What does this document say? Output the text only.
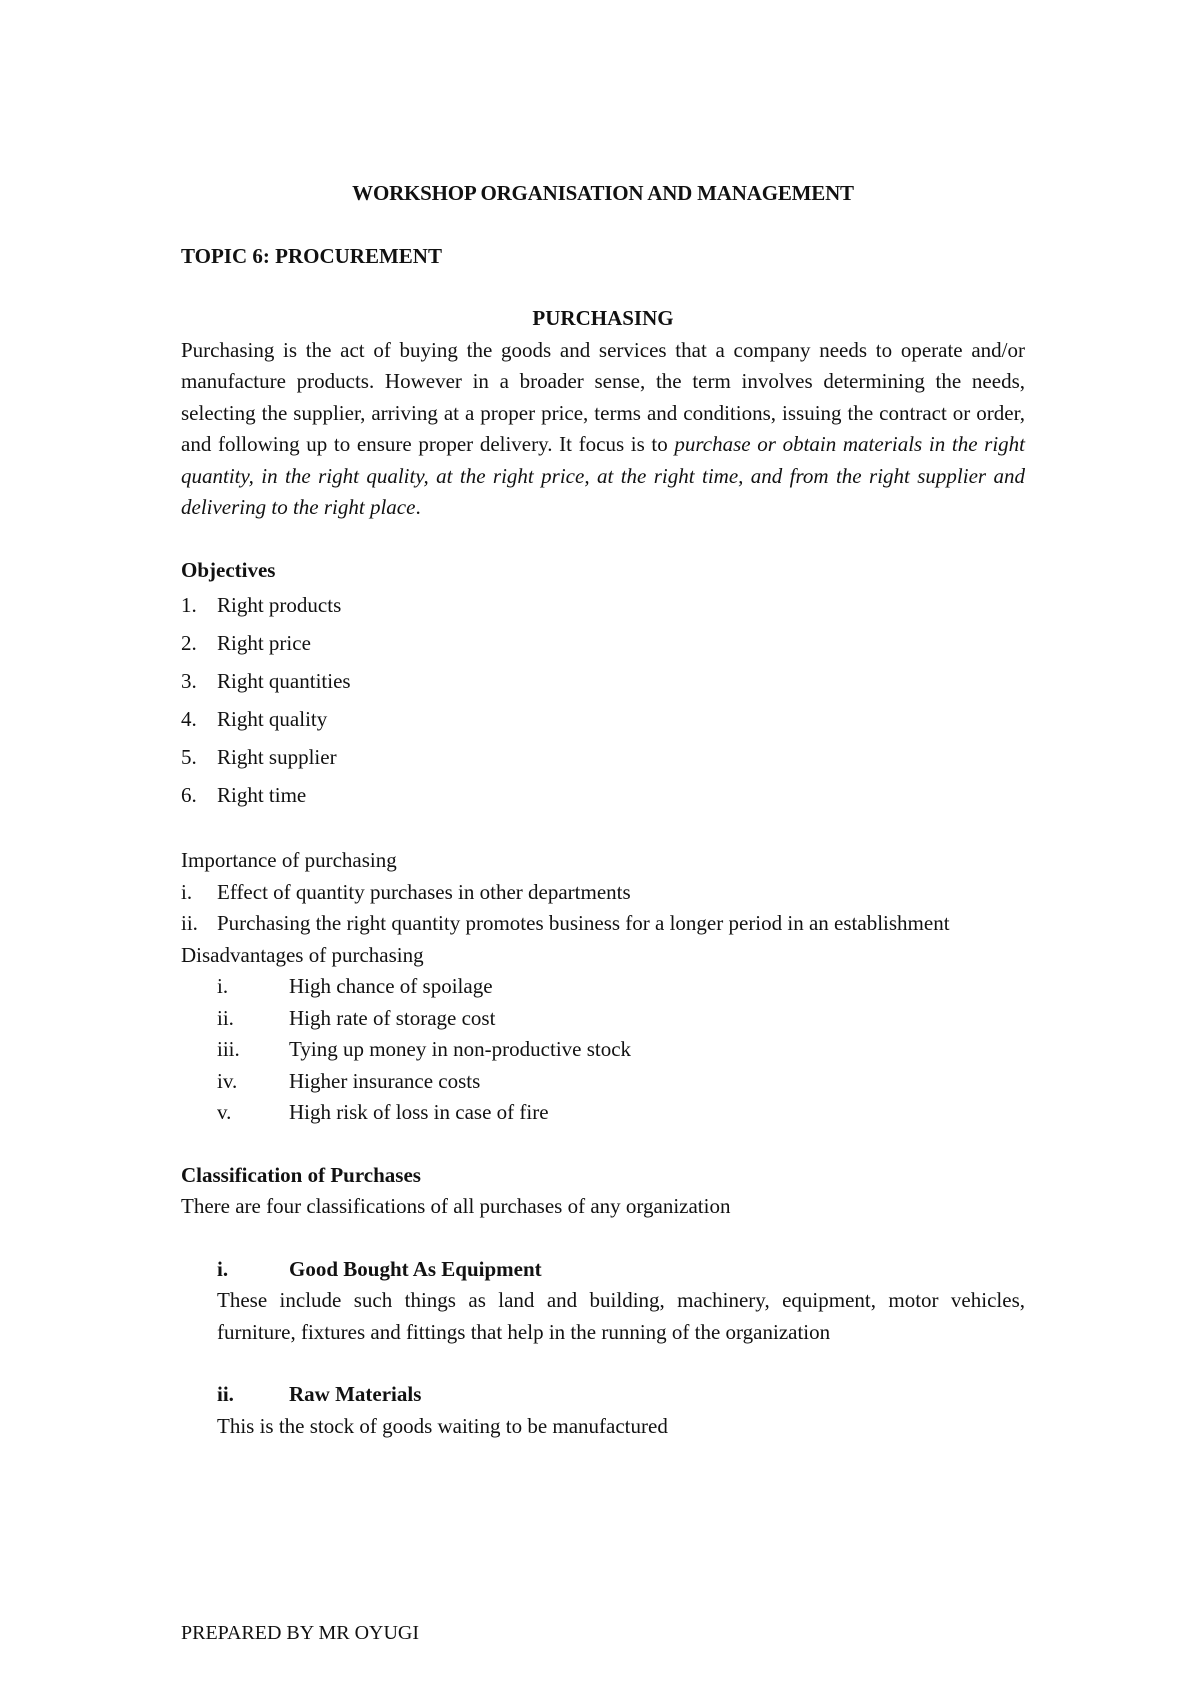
WORKSHOP ORGANISATION AND MANAGEMENT
TOPIC 6: PROCUREMENT
PURCHASING

Purchasing is the act of buying the goods and services that a company needs to operate and/or manufacture products. However in a broader sense, the term involves determining the needs, selecting the supplier, arriving at a proper price, terms and conditions, issuing the contract or order, and following up to ensure proper delivery. It focus is to purchase or obtain materials in the right quantity, in the right quality, at the right price, at the right time, and from the right supplier and delivering to the right place.

Objectives
1. Right products
2. Right price
3. Right quantities
4. Right quality
5. Right supplier
6. Right time
Importance of purchasing
i.	Effect of quantity purchases in other departments
ii. Purchasing the right quantity promotes business for a longer period in an establishment
Disadvantages of purchasing
i.	High chance of spoilage
ii.	High rate of storage cost
iii.	Tying up money in non-productive stock
iv.	Higher insurance costs
v.	High risk of loss in case of fire
Classification of Purchases
There are four classifications of all purchases of any organization
i.	Good Bought As Equipment
These include such things as land and building, machinery, equipment, motor vehicles, furniture, fixtures and fittings that help in the running of the organization
ii.	Raw Materials
This is the stock of goods waiting to be manufactured
PREPARED BY MR OYUGI
